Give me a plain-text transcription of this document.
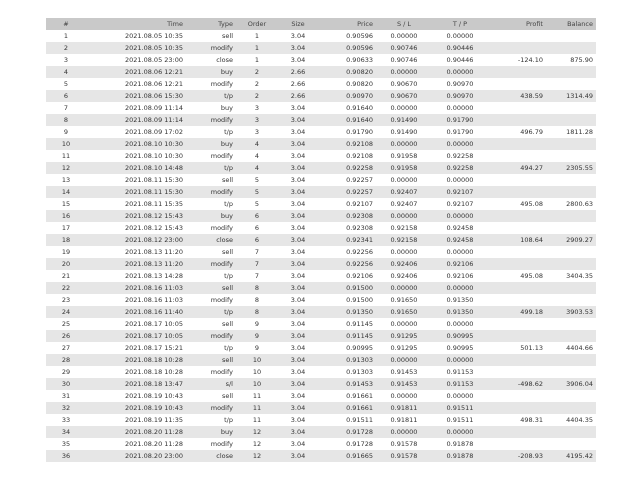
#	Time	Type	Order	Size	Price	S / L	T / P	Profit	Balance
1	2021.08.05 10:35	sell	1	3.04	0.90596	0.00000	0.00000		
2	2021.08.05 10:35	modify	1	3.04	0.90596	0.90746	0.90446		
3	2021.08.05 23:00	close	1	3.04	0.90633	0.90746	0.90446	-124.10	875.90
4	2021.08.06 12:21	buy	2	2.66	0.90820	0.00000	0.00000		
5	2021.08.06 12:21	modify	2	2.66	0.90820	0.90670	0.90970		
6	2021.08.06 15:30	t/p	2	2.66	0.90970	0.90670	0.90970	438.59	1314.49
7	2021.08.09 11:14	buy	3	3.04	0.91640	0.00000	0.00000		
8	2021.08.09 11:14	modify	3	3.04	0.91640	0.91490	0.91790		
9	2021.08.09 17:02	t/p	3	3.04	0.91790	0.91490	0.91790	496.79	1811.28
10	2021.08.10 10:30	buy	4	3.04	0.92108	0.00000	0.00000		
11	2021.08.10 10:30	modify	4	3.04	0.92108	0.91958	0.92258		
12	2021.08.10 14:48	t/p	4	3.04	0.92258	0.91958	0.92258	494.27	2305.55
13	2021.08.11 15:30	sell	5	3.04	0.92257	0.00000	0.00000		
14	2021.08.11 15:30	modify	5	3.04	0.92257	0.92407	0.92107		
15	2021.08.11 15:35	t/p	5	3.04	0.92107	0.92407	0.92107	495.08	2800.63
16	2021.08.12 15:43	buy	6	3.04	0.92308	0.00000	0.00000		
17	2021.08.12 15:43	modify	6	3.04	0.92308	0.92158	0.92458		
18	2021.08.12 23:00	close	6	3.04	0.92341	0.92158	0.92458	108.64	2909.27
19	2021.08.13 11:20	sell	7	3.04	0.92256	0.00000	0.00000		
20	2021.08.13 11:20	modify	7	3.04	0.92256	0.92406	0.92106		
21	2021.08.13 14:28	t/p	7	3.04	0.92106	0.92406	0.92106	495.08	3404.35
22	2021.08.16 11:03	sell	8	3.04	0.91500	0.00000	0.00000		
23	2021.08.16 11:03	modify	8	3.04	0.91500	0.91650	0.91350		
24	2021.08.16 11:40	t/p	8	3.04	0.91350	0.91650	0.91350	499.18	3903.53
25	2021.08.17 10:05	sell	9	3.04	0.91145	0.00000	0.00000		
26	2021.08.17 10:05	modify	9	3.04	0.91145	0.91295	0.90995		
27	2021.08.17 15:21	t/p	9	3.04	0.90995	0.91295	0.90995	501.13	4404.66
28	2021.08.18 10:28	sell	10	3.04	0.91303	0.00000	0.00000		
29	2021.08.18 10:28	modify	10	3.04	0.91303	0.91453	0.91153		
30	2021.08.18 13:47	s/l	10	3.04	0.91453	0.91453	0.91153	-498.62	3906.04
31	2021.08.19 10:43	sell	11	3.04	0.91661	0.00000	0.00000		
32	2021.08.19 10:43	modify	11	3.04	0.91661	0.91811	0.91511		
33	2021.08.19 11:35	t/p	11	3.04	0.91511	0.91811	0.91511	498.31	4404.35
34	2021.08.20 11:28	buy	12	3.04	0.91728	0.00000	0.00000		
35	2021.08.20 11:28	modify	12	3.04	0.91728	0.91578	0.91878		
36	2021.08.20 23:00	close	12	3.04	0.91665	0.91578	0.91878	-208.93	4195.42
